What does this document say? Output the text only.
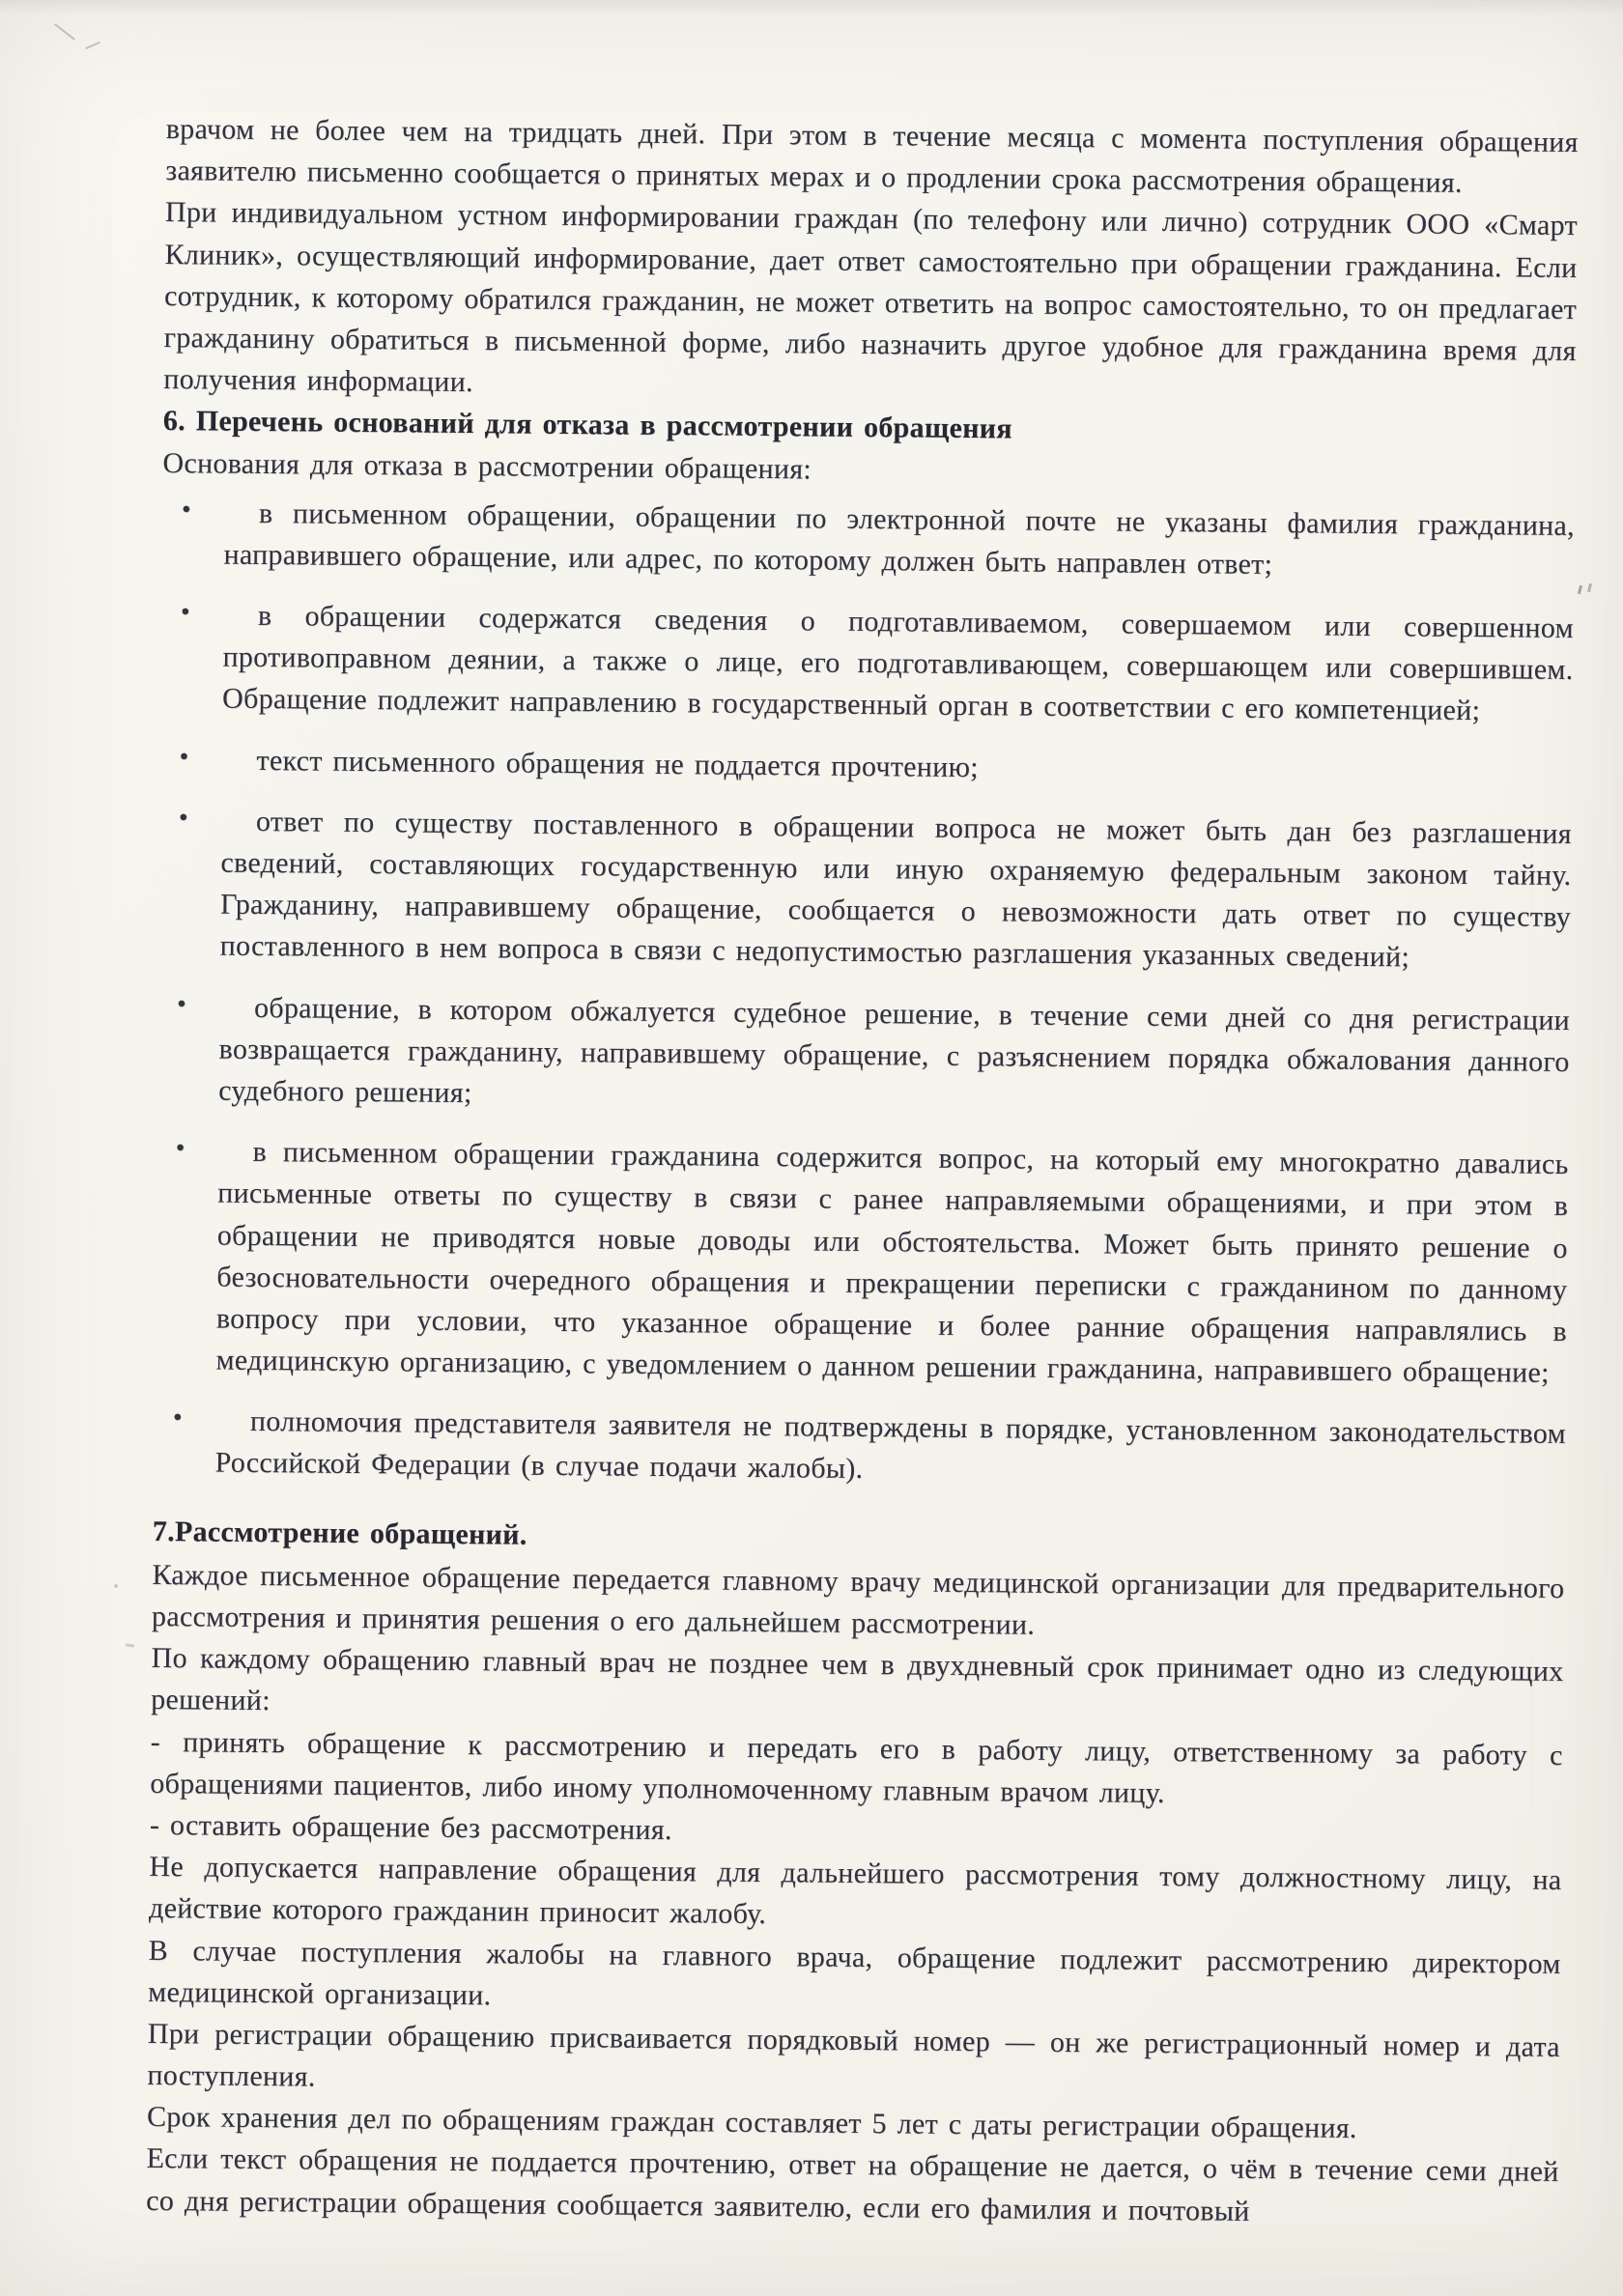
врачом не более чем на тридцать дней. При этом в течение месяца с момента поступления обращения заявителю письменно сообщается о принятых мерах и о продлении срока рассмотрения обращения.

При индивидуальном устном информировании граждан (по телефону или лично) сотрудник ООО «Смарт Клиник», осуществляющий информирование, дает ответ самостоятельно при обращении гражданина. Если сотрудник, к которому обратился гражданин, не может ответить на вопрос самостоятельно, то он предлагает гражданину обратиться в письменной форме, либо назначить другое удобное для гражданина время для получения информации.

6. Перечень оснований для отказа в рассмотрении обращения

Основания для отказа в рассмотрении обращения:

• в письменном обращении, обращении по электронной почте не указаны фамилия гражданина, направившего обращение, или адрес, по которому должен быть направлен ответ;
• в обращении содержатся сведения о подготавливаемом, совершаемом или совершенном противоправном деянии, а также о лице, его подготавливающем, совершающем или совершившем. Обращение подлежит направлению в государственный орган в соответствии с его компетенцией;
• текст письменного обращения не поддается прочтению;
• ответ по существу поставленного в обращении вопроса не может быть дан без разглашения сведений, составляющих государственную или иную охраняемую федеральным законом тайну. Гражданину, направившему обращение, сообщается о невозможности дать ответ по существу поставленного в нем вопроса в связи с недопустимостью разглашения указанных сведений;
• обращение, в котором обжалуется судебное решение, в течение семи дней со дня регистрации возвращается гражданину, направившему обращение, с разъяснением порядка обжалования данного судебного решения;
• в письменном обращении гражданина содержится вопрос, на который ему многократно давались письменные ответы по существу в связи с ранее направляемыми обращениями, и при этом в обращении не приводятся новые доводы или обстоятельства. Может быть принято решение о безосновательности очередного обращения и прекращении переписки с гражданином по данному вопросу при условии, что указанное обращение и более ранние обращения направлялись в медицинскую организацию, с уведомлением о данном решении гражданина, направившего обращение;
• полномочия представителя заявителя не подтверждены в порядке, установленном законодательством Российской Федерации (в случае подачи жалобы).
7.Рассмотрение обращений.

Каждое письменное обращение передается главному врачу медицинской организации для предварительного рассмотрения и принятия решения о его дальнейшем рассмотрении.

По каждому обращению главный врач не позднее чем в двухдневный срок принимает одно из следующих решений:

- принять обращение к рассмотрению и передать его в работу лицу, ответственному за работу с обращениями пациентов, либо иному уполномоченному главным врачом лицу.

- оставить обращение без рассмотрения.

Не допускается направление обращения для дальнейшего рассмотрения тому должностному лицу, на действие которого гражданин приносит жалобу.

В случае поступления жалобы на главного врача, обращение подлежит рассмотрению директором медицинской организации.

При регистрации обращению присваивается порядковый номер — он же регистрационный номер и дата поступления.

Срок хранения дел по обращениям граждан составляет 5 лет с даты регистрации обращения.

Если текст обращения не поддается прочтению, ответ на обращение не дается, о чём в течение семи дней со дня регистрации обращения сообщается заявителю, если его фамилия и почтовый
